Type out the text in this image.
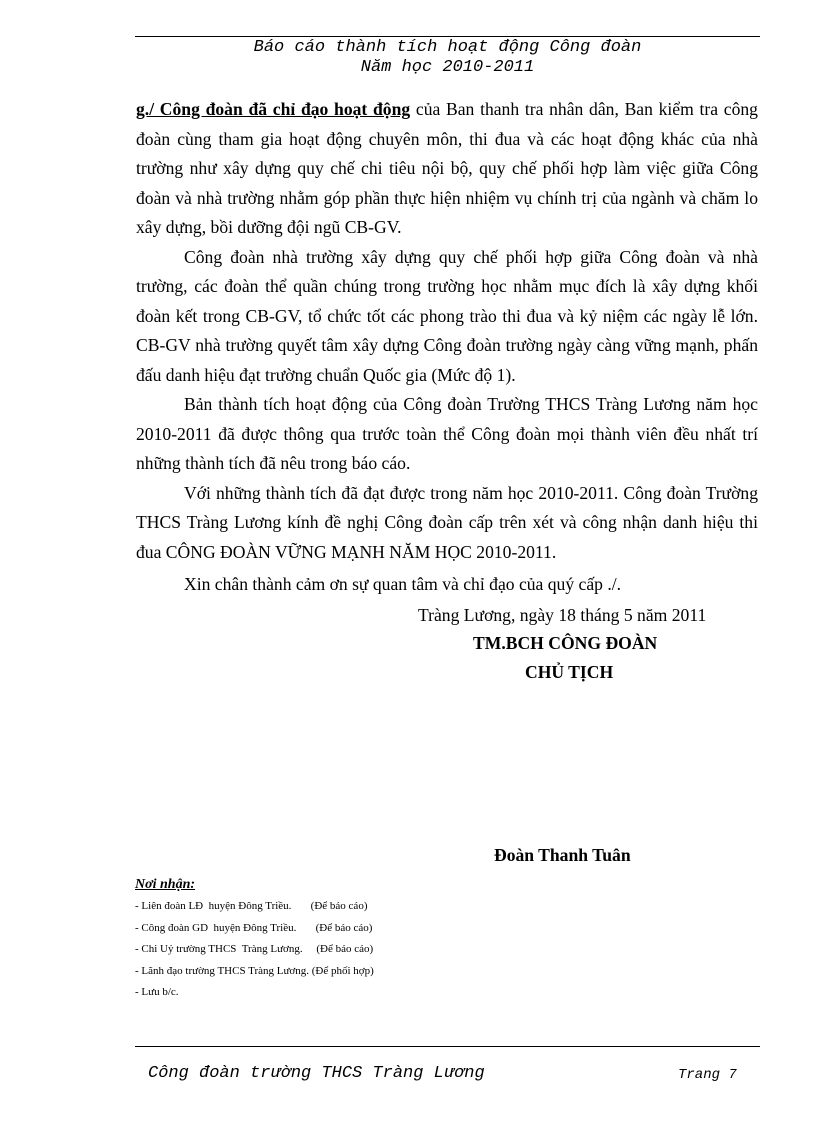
Báo cáo thành tích hoạt động Công đoàn
Năm học 2010-2011

g./ Công đoàn đã chỉ đạo hoạt động của Ban thanh tra nhân dân, Ban kiểm tra công đoàn cùng tham gia hoạt động chuyên môn, thi đua và các hoạt động khác của nhà trường như xây dựng quy chế chi tiêu nội bộ, quy chế phối hợp làm việc giữa Công đoàn và nhà trường nhằm góp phần thực hiện nhiệm vụ chính trị của ngành và chăm lo xây dựng, bồi dưỡng đội ngũ CB-GV.

Công đoàn nhà trường xây dựng quy chế phối hợp giữa Công đoàn và nhà trường, các đoàn thể quần chúng trong trường học nhằm mục đích là xây dựng khối đoàn kết trong CB-GV, tổ chức tốt các phong trào thi đua và kỷ niệm các ngày lễ lớn. CB-GV nhà trường quyết tâm xây dựng Công đoàn trường ngày càng vững mạnh, phấn đấu danh hiệu đạt trường chuẩn Quốc gia (Mức độ 1).

Bản thành tích hoạt động của Công đoàn Trường THCS Tràng Lương năm học 2010-2011 đã được thông qua trước toàn thể Công đoàn mọi thành viên đều nhất trí những thành tích đã nêu trong báo cáo.

Với những thành tích đã đạt được trong năm học 2010-2011. Công đoàn Trường THCS Tràng Lương kính đề nghị Công đoàn cấp trên xét và công nhận danh hiệu thi đua CÔNG ĐOÀN VỮNG MẠNH NĂM HỌC 2010-2011.

Xin chân thành cảm ơn sự quan tâm và chỉ đạo của quý cấp ./.

Tràng Lương, ngày 18 tháng 5 năm 2011
TM.BCH CÔNG ĐOÀN
CHỦ TỊCH
Đoàn Thanh Tuân
Nơi nhận:
- Liên đoàn LĐ  huyện Đông Triều.       (Để báo cáo)
- Công đoàn GD  huyện Đông Triều.       (Để báo cáo)
- Chi Uỷ trường THCS  Tràng Lương.     (Để báo cáo)
- Lãnh đạo trường THCS Tràng Lương. (Để phối hợp)
- Lưu b/c.
Công đoàn trường THCS Tràng Lương	Trang 7
